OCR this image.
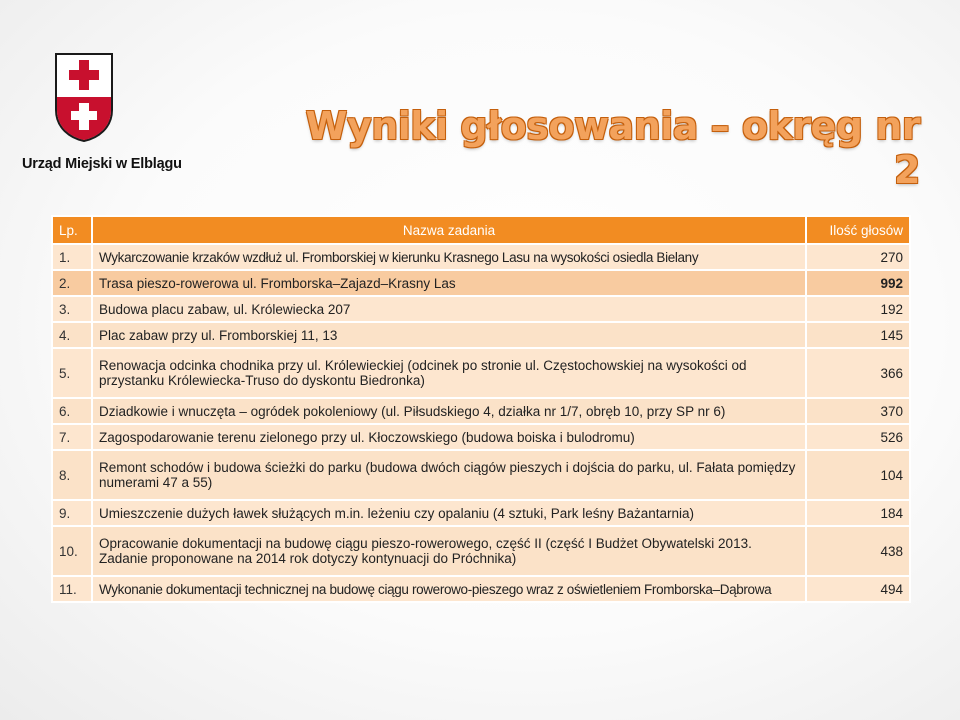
Urząd Miejski w Elblągu
Wyniki głosowania – okręg nr 2
Lp.	Nazwa zadania	Ilość głosów
1.	Wykarczowanie krzaków wzdłuż ul. Fromborskiej w kierunku Krasnego Lasu na wysokości osiedla Bielany	270
2.	Trasa pieszo-rowerowa ul. Fromborska–Zajazd–Krasny Las	992
3.	Budowa placu zabaw, ul. Królewiecka 207	192
4.	Plac zabaw przy ul. Fromborskiej 11, 13	145
5.	Renowacja odcinka chodnika przy ul. Królewieckiej (odcinek po stronie ul. Częstochowskiej na wysokości od przystanku Królewiecka-Truso do dyskontu Biedronka)	366
6.	Dziadkowie i wnuczęta – ogródek pokoleniowy (ul. Piłsudskiego 4, działka nr 1/7, obręb 10, przy SP nr 6)	370
7.	Zagospodarowanie terenu zielonego przy ul. Kłoczowskiego (budowa boiska i bulodromu)	526
8.	Remont schodów i budowa ścieżki do parku (budowa dwóch ciągów pieszych i dojścia do parku, ul. Fałata pomiędzy numerami 47 a 55)	104
9.	Umieszczenie dużych ławek służących m.in. leżeniu czy opalaniu (4 sztuki, Park leśny Bażantarnia)	184
10.	Opracowanie dokumentacji na budowę ciągu pieszo-rowerowego, część II (część I Budżet Obywatelski 2013. Zadanie proponowane na 2014 rok dotyczy kontynuacji do Próchnika)	438
11.	Wykonanie dokumentacji technicznej na budowę ciągu rowerowo-pieszego wraz z oświetleniem Fromborska–Dąbrowa	494
